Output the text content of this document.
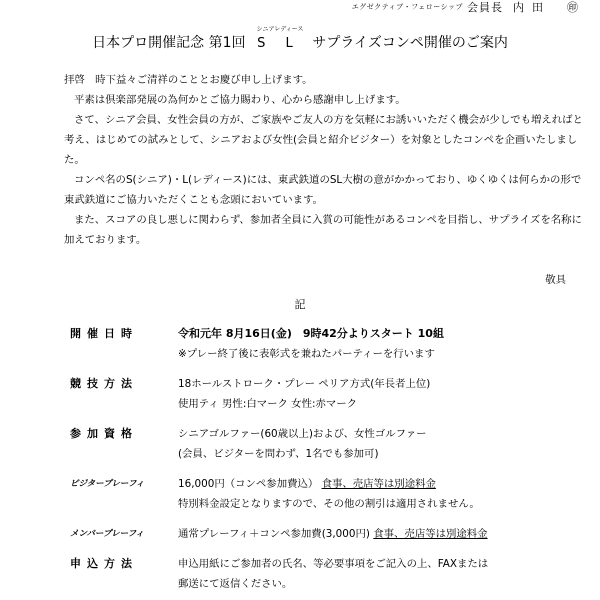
エグゼクティブ・フェローシップ 会員長 内 田 ㊞
日本プロ開催記念 第1回
シニアレディース
S L サプライズコンペ開催のご案内

拝啓　時下益々ご清祥のこととお慶び申し上げます。

平素は倶楽部発展の為何かとご協力賜わり、心から感謝申し上げます。

さて、シニア会員、女性会員の方が、ご家族やご友人の方を気軽にお誘いいただく機会が少しでも増えればと考え、はじめての試みとして、シニアおよび女性(会員と紹介ビジター）を対象としたコンペを企画いたしました。

コンペ名のS(シニア)・L(レディース)には、東武鉄道のSL大樹の意がかかっており、ゆくゆくは何らかの形で東武鉄道にご協力いただくことも念頭においています。

また、スコアの良し悪しに関わらず、参加者全員に入賞の可能性があるコンペを目指し、サプライズを名称に加えております。

敬具
記
開催日時	令和元年 8月16日(金)　9時42分よりスタート 10組
※プレー終了後に表彰式を兼ねたパーティーを行います
競技方法	18ホールストローク・プレー ペリア方式(年長者上位)
使用ティ 男性:白マーク 女性:赤マーク
参加資格	シニアゴルファー(60歳以上)および、女性ゴルファー
(会員、ビジターを問わず、1名でも参加可)
ビジタープレーフィ	16,000円（コンペ参加費込） 食事、売店等は別途料金
特別料金設定となりますので、その他の割引は適用されません。
メンバープレーフィ	通常プレーフィ＋コンペ参加費(3,000円) 食事、売店等は別途料金
申込方法	申込用紙にご参加者の氏名、等必要事項をご記入の上、FAXまたは
郵送にて返信ください。
